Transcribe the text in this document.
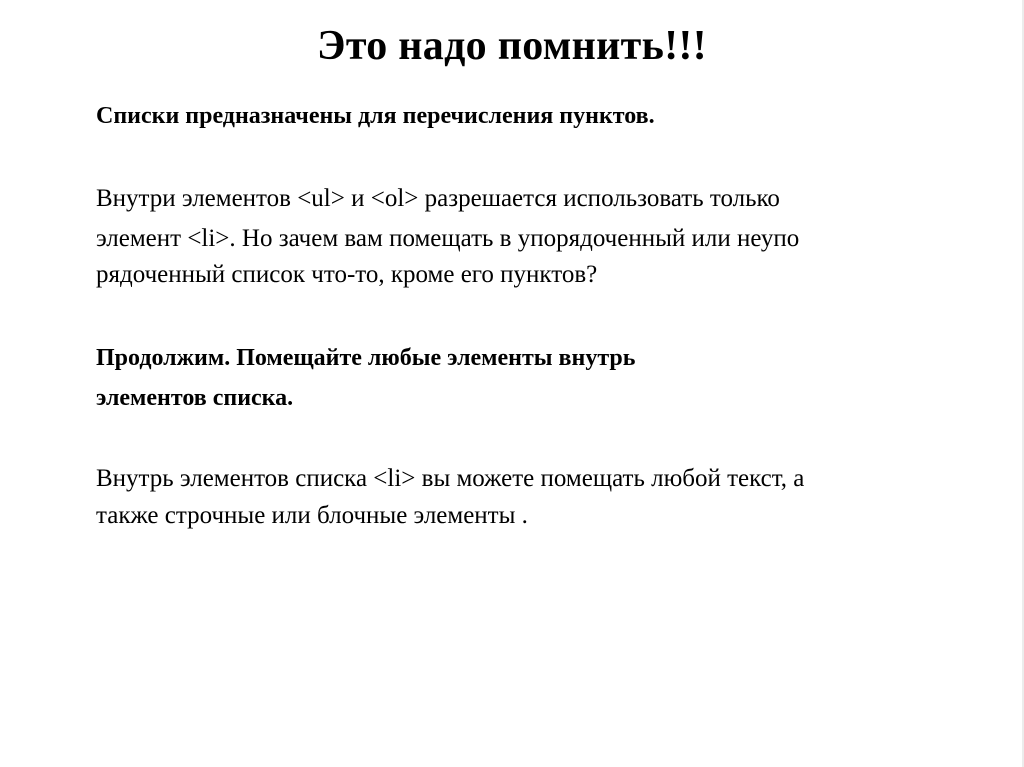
Это надо помнить!!!
Списки предназначены для перечисления пунктов.
Внутри элементов <ul> и <ol> разрешается использовать только
элемент <li>. Но зачем вам помещать в упорядоченный или неупо
рядоченный список что-то, кроме его пунктов?
Продолжим. Помещайте любые элементы внутрь
элементов списка.
Внутрь элементов списка <li> вы можете помещать любой текст, а
также строчные или блочные элементы .
